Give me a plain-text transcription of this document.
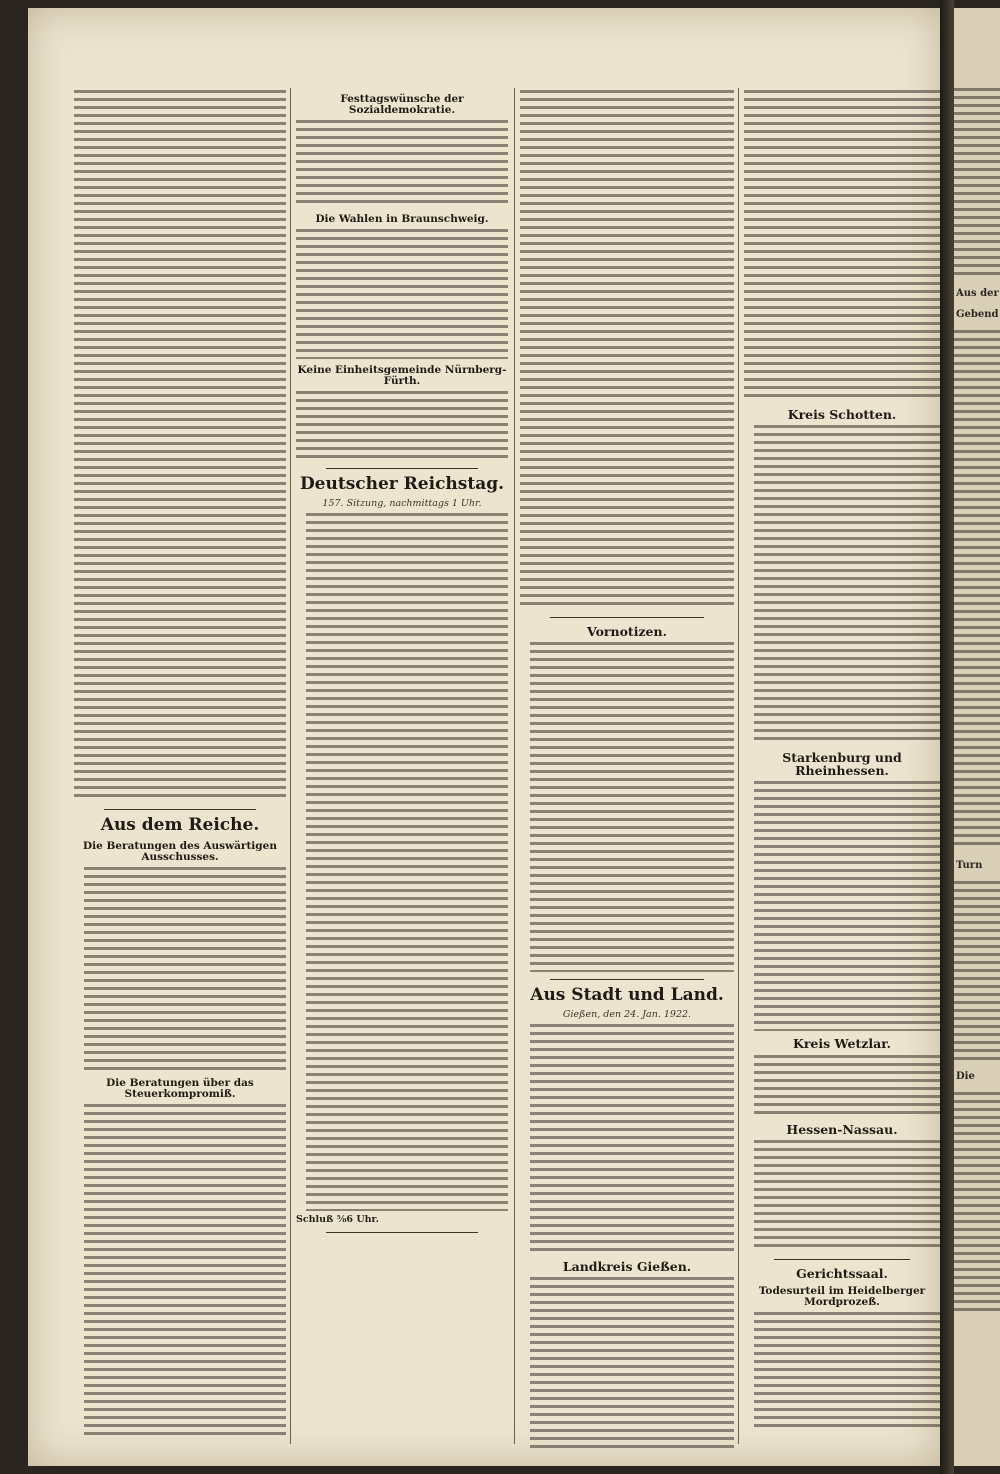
Aus dem Reiche.
Die Beratungen des Auswärtigen Ausschusses.
Die Beratungen über das Steuerkompromiß.
Festtagswünsche der Sozialdemokratie.
Die Wahlen in Braunschweig.
Keine Einheitsgemeinde Nürnberg-Fürth.
Deutscher Reichstag.
157. Sitzung, nachmittags 1 Uhr.
Schluß ⅝6 Uhr.
Vornotizen.
Aus Stadt und Land.
Gießen, den 24. Jan. 1922.
Landkreis Gießen.
Kreis Schotten.
Starkenburg und Rheinhessen.
Kreis Wetzlar.
Hessen-Nassau.
Gerichtssaal.
Todesurteil im Heidelberger Mordprozeß.
Aus der
Gebend
Turn
Die
